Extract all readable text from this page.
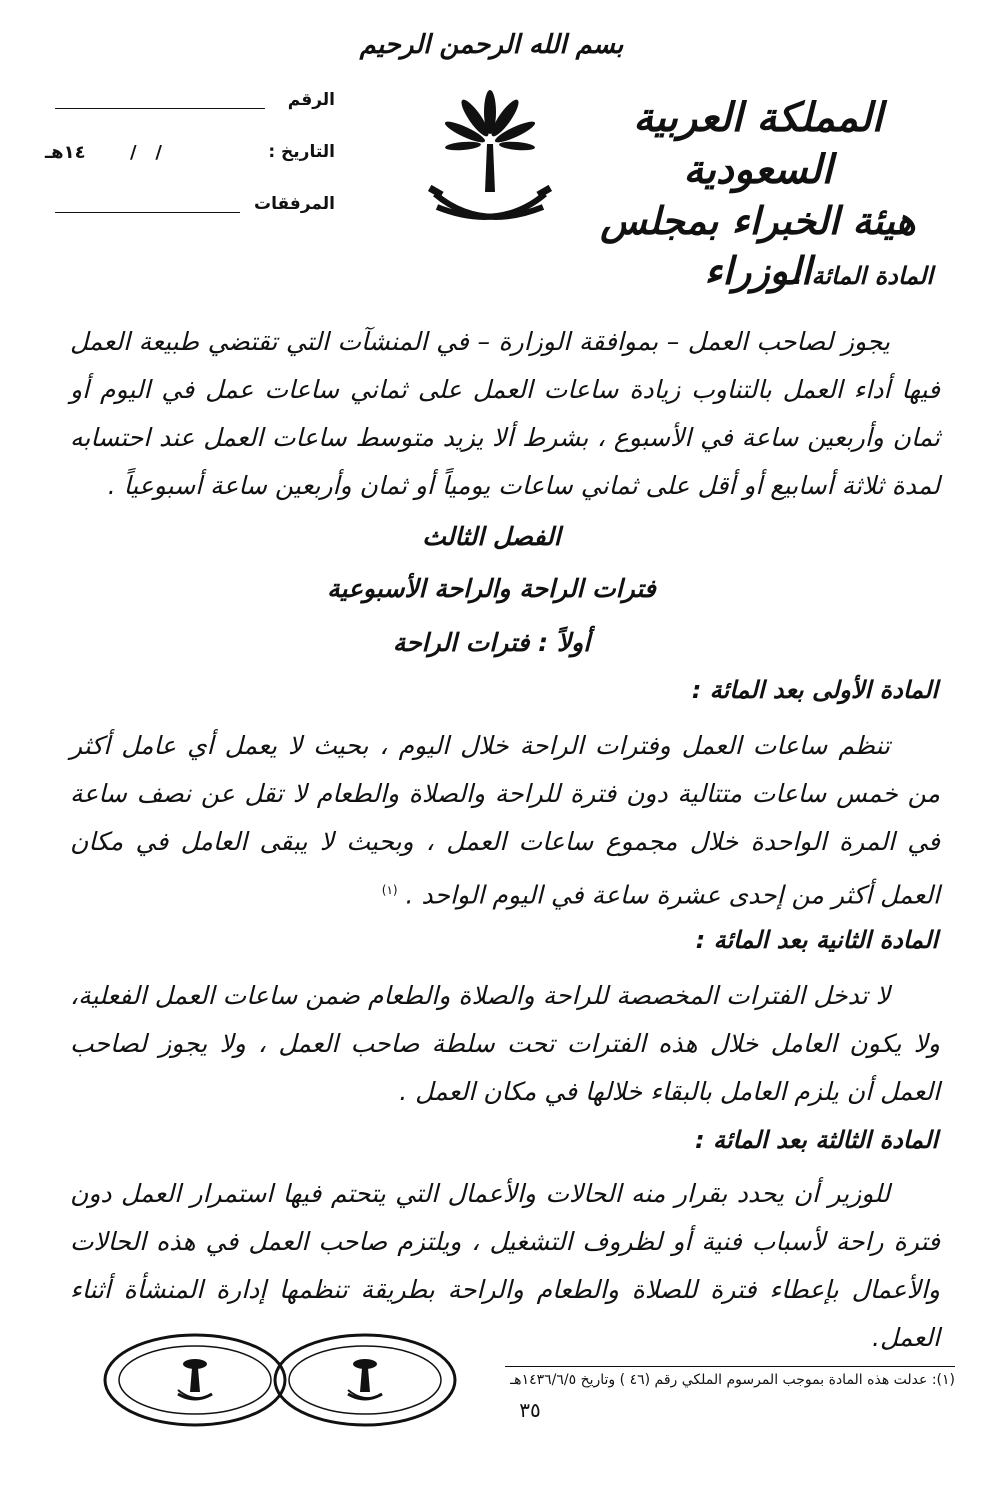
بسم الله الرحمن الرحيم
المملكة العربية السعودية
هيئة الخبراء بمجلس الوزراء
الرقم
التاريخ :
١٤هـ /   /
المرفقات
المادة المائة :

يجوز لصاحب العمل – بموافقة الوزارة – في المنشآت التي تقتضي طبيعة العمل فيها أداء العمل بالتناوب زيادة ساعات العمل على ثماني ساعات عمل في اليوم أو ثمان وأربعين ساعة في الأسبوع ، بشرط ألا يزيد متوسط ساعات العمل عند احتسابه لمدة ثلاثة أسابيع أو أقل على ثماني ساعات يومياً أو ثمان وأربعين ساعة أسبوعياً .

الفصل الثالث
فترات الراحة والراحة الأسبوعية
أولاً : فترات الراحة
المادة الأولى بعد المائة :

تنظم ساعات العمل وفترات الراحة خلال اليوم ، بحيث لا يعمل أي عامل أكثر من خمس ساعات متتالية دون فترة للراحة والصلاة والطعام لا تقل عن نصف ساعة في المرة الواحدة خلال مجموع ساعات العمل ، وبحيث لا يبقى العامل في مكان العمل أكثر من إحدى عشرة ساعة في اليوم الواحد . $^{(١)}$

المادة الثانية بعد المائة :

لا تدخل الفترات المخصصة للراحة والصلاة والطعام ضمن ساعات العمل الفعلية، ولا يكون العامل خلال هذه الفترات تحت سلطة صاحب العمل ، ولا يجوز لصاحب العمل أن يلزم العامل بالبقاء خلالها في مكان العمل .

المادة الثالثة بعد المائة :

للوزير أن يحدد بقرار منه الحالات والأعمال التي يتحتم فيها استمرار العمل دون فترة راحة لأسباب فنية أو لظروف التشغيل ، ويلتزم صاحب العمل في هذه الحالات والأعمال بإعطاء فترة للصلاة والطعام والراحة بطريقة تنظمها إدارة المنشأة أثناء العمل.

(١): عدلت هذه المادة بموجب المرسوم الملكي رقم (٤٦ ) وتاريخ ١٤٣٦/٦/٥هـ
٣٥
